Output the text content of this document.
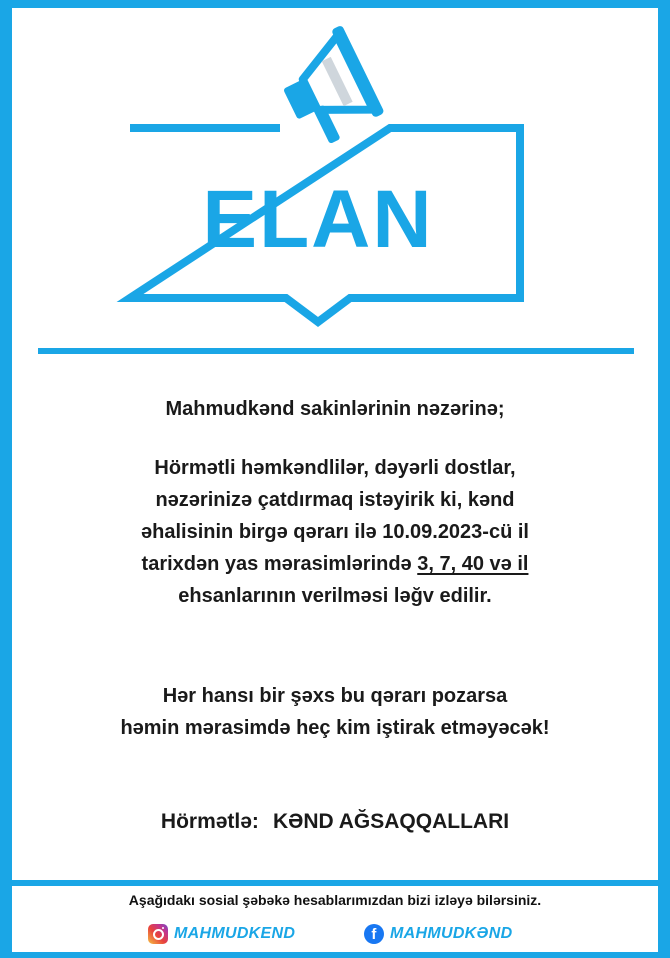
ELAN
Mahmudkənd sakinlərinin nəzərinə;
Hörmətli həmkəndlilər, dəyərli dostlar,
nəzərinizə çatdırmaq istəyirik ki, kənd
əhalisinin birgə qərarı ilə 10.09.2023-cü il
tarixdən yas mərasimlərində 3, 7, 40 və il
ehsanlarının verilməsi ləğv edilir.
Hər hansı bir şəxs bu qərarı pozarsa
həmin mərasimdə heç kim iştirak etməyəcək!
Hörmətlə: KƏND AĞSAQQALLARI
Aşağıdakı sosial şəbəkə hesablarımızdan bizi izləyə bilərsiniz.
MAHMUDKEND	f MAHMUDKƏND
